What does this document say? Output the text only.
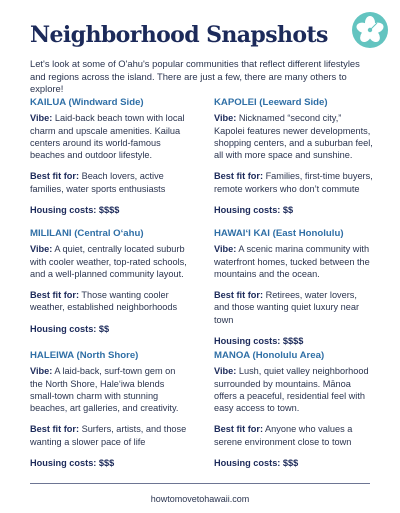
Neighborhood Snapshots
Let's look at some of O'ahu's popular communities that reflect different lifestyles and regions across the island. There are just a few, there are many others to explore!
KAILUA (Windward Side)
Vibe: Laid-back beach town with local charm and upscale amenities. Kailua centers around its world-famous beaches and outdoor lifestyle.
Best fit for: Beach lovers, active families, water sports enthusiasts
Housing costs: $$$$
KAPOLEI (Leeward Side)
Vibe: Nicknamed “second city,” Kapolei features newer developments, shopping centers, and a suburban feel, all with more space and sunshine.
Best fit for: Families, first-time buyers, remote workers who don’t commute
Housing costs: $$
MILILANI (Central O‘ahu)
Vibe: A quiet, centrally located suburb with cooler weather, top-rated schools, and a well-planned community layout.
Best fit for: Those wanting cooler weather, established neighborhoods
Housing costs: $$
HAWAI‘I KAI (East Honolulu)
Vibe: A scenic marina community with waterfront homes, tucked between the mountains and the ocean.
Best fit for: Retirees, water lovers, and those wanting quiet luxury near town
Housing costs: $$$$
HALEIWA (North Shore)
Vibe: A laid-back, surf-town gem on the North Shore, Hale‘iwa blends small-town charm with stunning beaches, art galleries, and creativity.
Best fit for: Surfers, artists, and those wanting a slower pace of life
Housing costs: $$$
MANOA (Honolulu Area)
Vibe: Lush, quiet valley neighborhood surrounded by mountains. Mānoa offers a peaceful, residential feel with easy access to town.
Best fit for: Anyone who values a serene environment close to town
Housing costs: $$$
howtomovetohawaii.com
